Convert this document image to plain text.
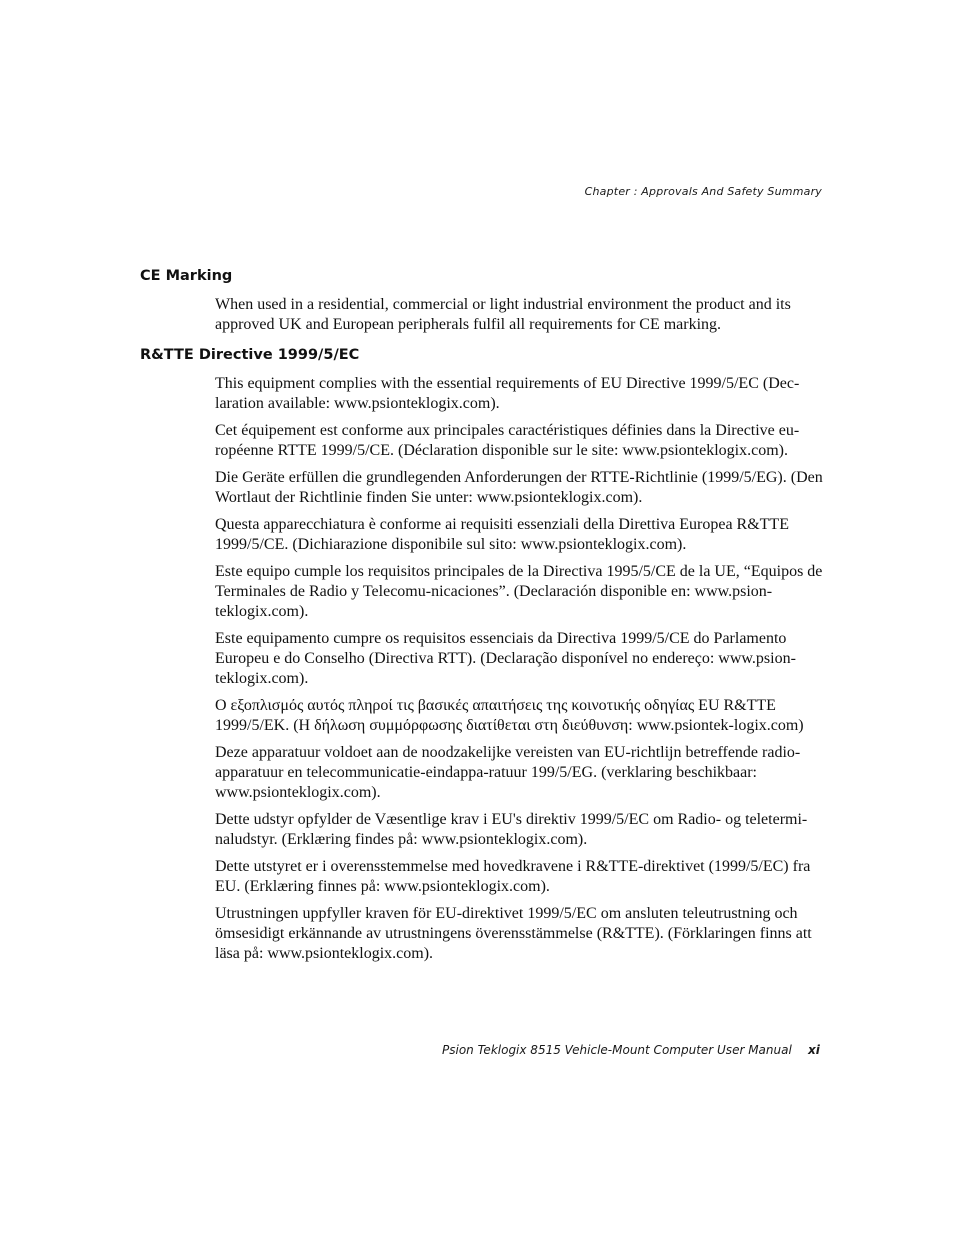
Chapter : Approvals And Safety Summary
CE Marking

When used in a residential, commercial or light industrial environment the product and its approved UK and European peripherals fulfil all requirements for CE marking.

R&TTE Directive 1999/5/EC

This equipment complies with the essential requirements of EU Directive 1999/5/EC (Dec-laration available: www.psionteklogix.com).

Cet équipement est conforme aux principales caractéristiques définies dans la Directive eu-ropéenne RTTE 1999/5/CE. (Déclaration disponible sur le site: www.psionteklogix.com).

Die Geräte erfüllen die grundlegenden Anforderungen der RTTE-Richtlinie (1999/5/EG). (Den Wortlaut der Richtlinie finden Sie unter: www.psionteklogix.com).

Questa apparecchiatura è conforme ai requisiti essenziali della Direttiva Europea R&TTE 1999/5/CE. (Dichiarazione disponibile sul sito: www.psionteklogix.com).

Este equipo cumple los requisitos principales de la Directiva 1995/5/CE de la UE, “Equipos de Terminales de Radio y Telecomu-nicaciones”. (Declaración disponible en: www.psion-teklogix.com).

Este equipamento cumpre os requisitos essenciais da Directiva 1999/5/CE do Parlamento Europeu e do Conselho (Directiva RTT). (Declaração disponível no endereço: www.psion-teklogix.com).

Ο εξοπλισμός αυτός πληροί τις βασικές απαιτήσεις της κοινοτικής οδηγίας EU R&TTE 1999/5/EK. (Η δήλωση συμμόρφωσης διατίθεται στη διεύθυνση: www.psiontek-logix.com)

Deze apparatuur voldoet aan de noodzakelijke vereisten van EU-richtlijn betreffende radio-apparatuur en telecommunicatie-eindappa-ratuur 199/5/EG. (verklaring beschikbaar: www.psionteklogix.com).

Dette udstyr opfylder de Væsentlige krav i EU's direktiv 1999/5/EC om Radio- og teletermi-naludstyr. (Erklæring findes på: www.psionteklogix.com).

Dette utstyret er i overensstemmelse med hovedkravene i R&TTE-direktivet (1999/5/EC) fra EU. (Erklæring finnes på: www.psionteklogix.com).

Utrustningen uppfyller kraven för EU-direktivet 1999/5/EC om ansluten teleutrustning och ömsesidigt erkännande av utrustningens överensstämmelse (R&TTE). (Förklaringen finns att läsa på: www.psionteklogix.com).

Psion Teklogix 8515 Vehicle-Mount Computer User Manual xi
